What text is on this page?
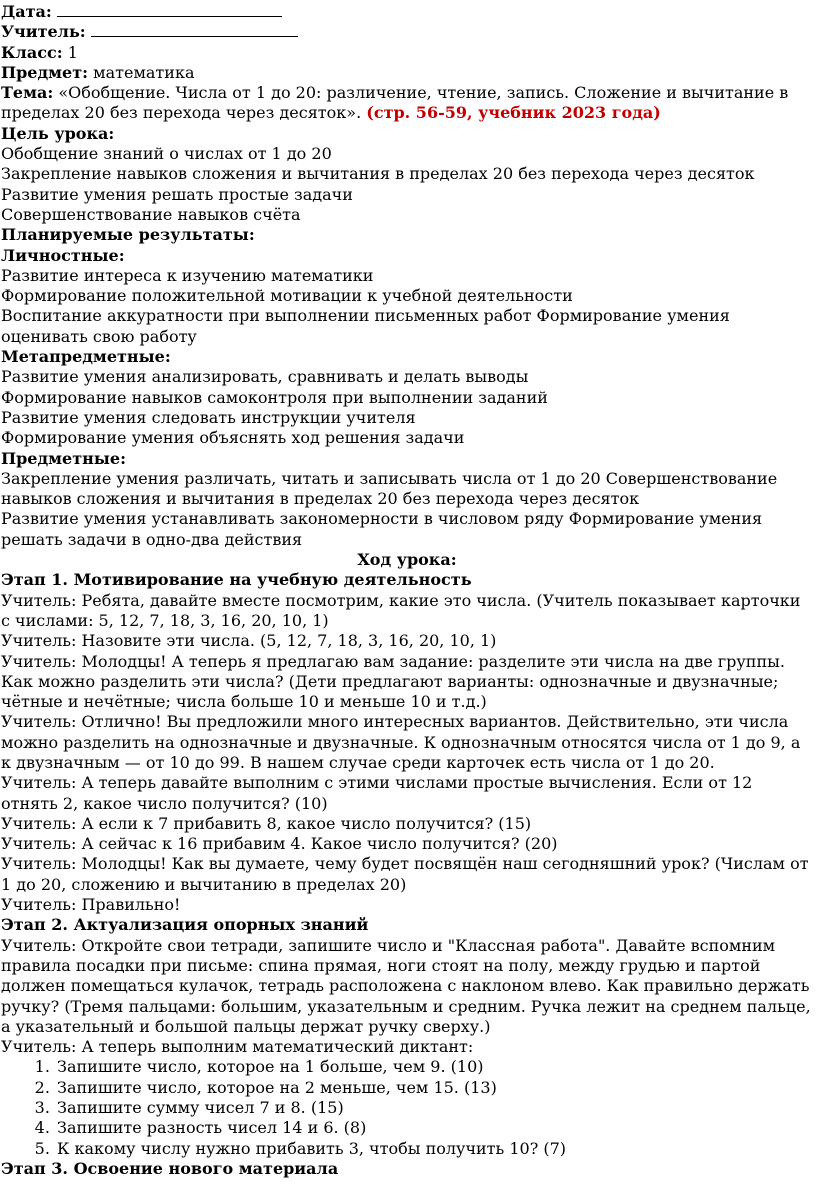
Дата:

Учитель:

Класс: 1

Предмет: математика

Тема: «Обобщение. Числа от 1 до 20: различение, чтение, запись. Сложение и вычитание в пределах 20 без перехода через десяток». (стр. 56-59, учебник 2023 года)

Цель урока:

Обобщение знаний о числах от 1 до 20

Закрепление навыков сложения и вычитания в пределах 20 без перехода через десяток

Развитие умения решать простые задачи

Совершенствование навыков счёта

Планируемые результаты:

Личностные:

Развитие интереса к изучению математики

Формирование положительной мотивации к учебной деятельности

Воспитание аккуратности при выполнении письменных работ Формирование умения оценивать свою работу

Метапредметные:

Развитие умения анализировать, сравнивать и делать выводы

Формирование навыков самоконтроля при выполнении заданий

Развитие умения следовать инструкции учителя

Формирование умения объяснять ход решения задачи

Предметные:

Закрепление умения различать, читать и записывать числа от 1 до 20 Совершенствование навыков сложения и вычитания в пределах 20 без перехода через десяток

Развитие умения устанавливать закономерности в числовом ряду Формирование умения решать задачи в одно-два действия

Ход урока:

Этап 1. Мотивирование на учебную деятельность

Учитель: Ребята, давайте вместе посмотрим, какие это числа. (Учитель показывает карточки с числами: 5, 12, 7, 18, 3, 16, 20, 10, 1)

Учитель: Назовите эти числа. (5, 12, 7, 18, 3, 16, 20, 10, 1)

Учитель: Молодцы! А теперь я предлагаю вам задание: разделите эти числа на две группы. Как можно разделить эти числа? (Дети предлагают варианты: однозначные и двузначные; чётные и нечётные; числа больше 10 и меньше 10 и т.д.)

Учитель: Отлично! Вы предложили много интересных вариантов. Действительно, эти числа можно разделить на однозначные и двузначные. К однозначным относятся числа от 1 до 9, а к двузначным — от 10 до 99. В нашем случае среди карточек есть числа от 1 до 20.

Учитель: А теперь давайте выполним с этими числами простые вычисления. Если от 12 отнять 2, какое число получится? (10)

Учитель: А если к 7 прибавить 8, какое число получится? (15)

Учитель: А сейчас к 16 прибавим 4. Какое число получится? (20)

Учитель: Молодцы! Как вы думаете, чему будет посвящён наш сегодняшний урок? (Числам от 1 до 20, сложению и вычитанию в пределах 20)

Учитель: Правильно!

Этап 2. Актуализация опорных знаний

Учитель: Откройте свои тетради, запишите число и "Классная работа". Давайте вспомним правила посадки при письме: спина прямая, ноги стоят на полу, между грудью и партой должен помещаться кулачок, тетрадь расположена с наклоном влево. Как правильно держать ручку? (Тремя пальцами: большим, указательным и средним. Ручка лежит на среднем пальце, а указательный и большой пальцы держат ручку сверху.)

Учитель: А теперь выполним математический диктант:

1. Запишите число, которое на 1 больше, чем 9. (10)
2. Запишите число, которое на 2 меньше, чем 15. (13)
3. Запишите сумму чисел 7 и 8. (15)
4. Запишите разность чисел 14 и 6. (8)
5. К какому числу нужно прибавить 3, чтобы получить 10? (7)

Этап 3. Освоение нового материала
